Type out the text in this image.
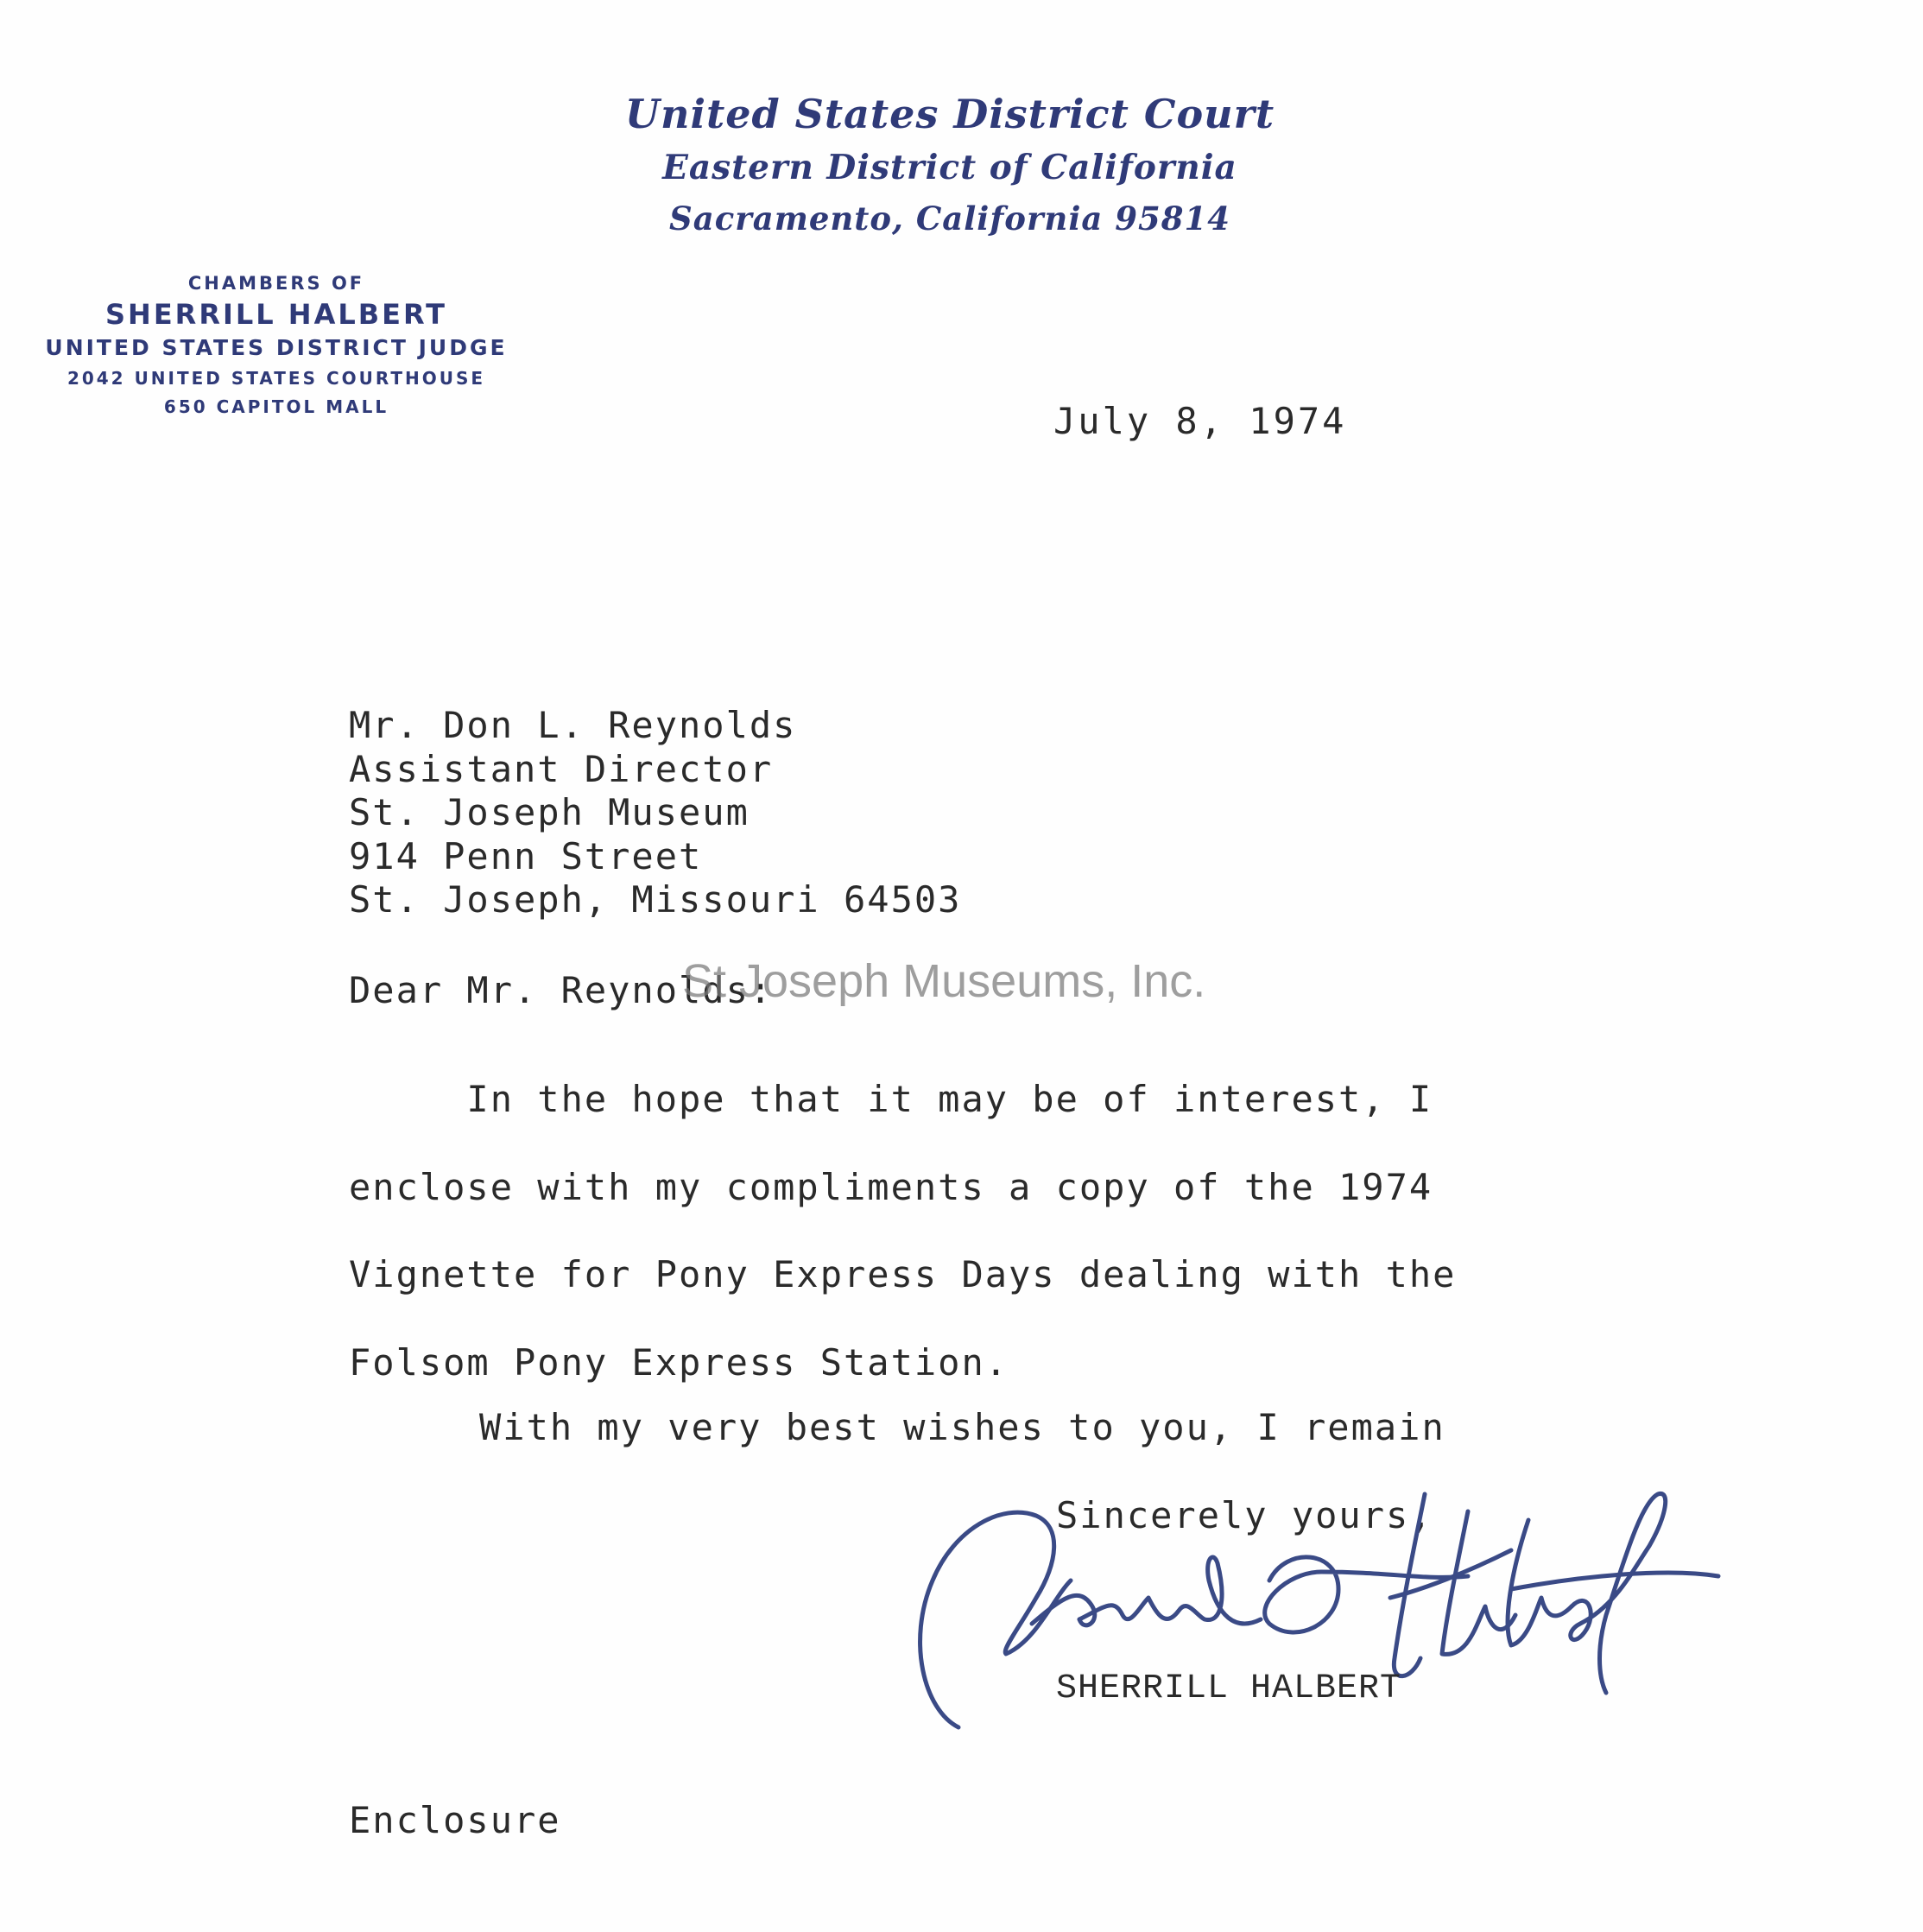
United States District Court
Eastern District of California
Sacramento, California 95814
CHAMBERS OF
SHERRILL HALBERT
UNITED STATES DISTRICT JUDGE
2042 UNITED STATES COURTHOUSE
650 CAPITOL MALL	July 8, 1974
Mr. Don L. Reynolds
Assistant Director
St. Joseph Museum
914 Penn Street
St. Joseph, Missouri 64503
Dear Mr. Reynolds:
In the hope that it may be of interest, I
enclose with my compliments a copy of the 1974
Vignette for Pony Express Days dealing with the
Folsom Pony Express Station.
With my very best wishes to you, I remain
Sincerely yours,
SHERRILL HALBERT
Enclosure
St Joseph Museums, Inc.
